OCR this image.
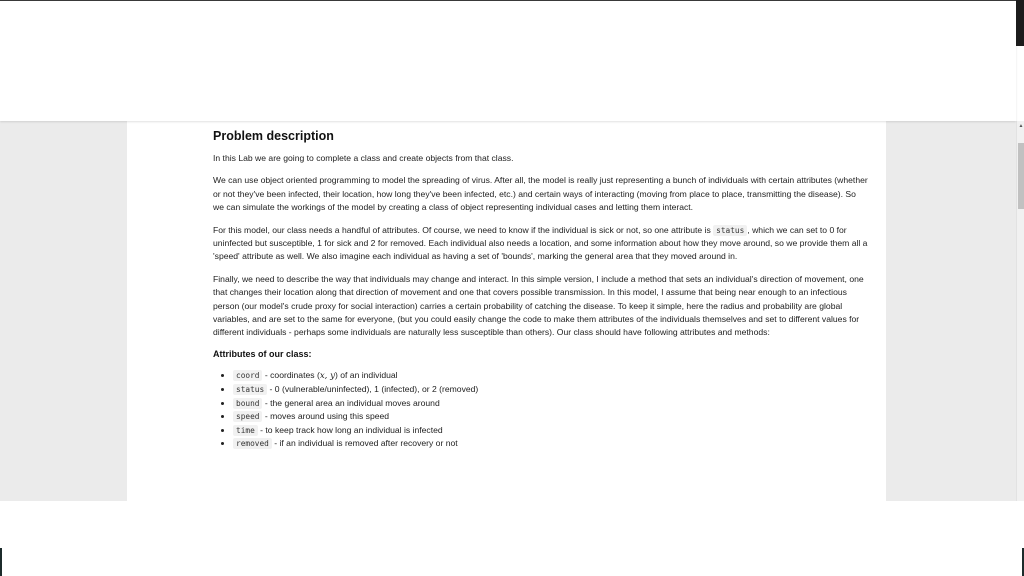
Problem description

In this Lab we are going to complete a class and create objects from that class.

We can use object oriented programming to model the spreading of virus. After all, the model is really just representing a bunch of individuals with certain attributes (whether or not they've been infected, their location, how long they've been infected, etc.) and certain ways of interacting (moving from place to place, transmitting the disease). So we can simulate the workings of the model by creating a class of object representing individual cases and letting them interact.

For this model, our class needs a handful of attributes. Of course, we need to know if the individual is sick or not, so one attribute is status , which we can set to 0 for uninfected but susceptible, 1 for sick and 2 for removed. Each individual also needs a location, and some information about how they move around, so we provide them all a 'speed' attribute as well. We also imagine each individual as having a set of 'bounds', marking the general area that they moved around in.

Finally, we need to describe the way that individuals may change and interact. In this simple version, I include a method that sets an individual's direction of movement, one that changes their location along that direction of movement and one that covers possible transmission. In this model, I assume that being near enough to an infectious person (our model's crude proxy for social interaction) carries a certain probability of catching the disease. To keep it simple, here the radius and probability are global variables, and are set to the same for everyone, (but you could easily change the code to make them attributes of the individuals themselves and set to different values for different individuals - perhaps some individuals are naturally less susceptible than others). Our class should have following attributes and methods:

Attributes of our class:
• coord - coordinates (x, y) of an individual
• status - 0 (vulnerable/uninfected), 1 (infected), or 2 (removed)
• bound - the general area an individual moves around
• speed - moves around using this speed
• time - to keep track how long an individual is infected
• removed - if an individual is removed after recovery or not
▲
